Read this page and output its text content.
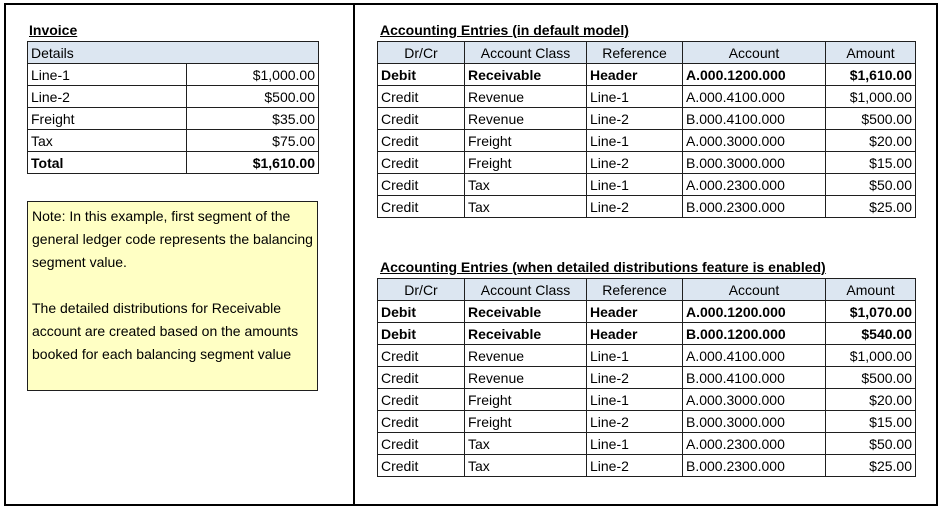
Invoice
Details	
Line-1	$1,000.00
Line-2	$500.00
Freight	$35.00
Tax	$75.00
Total	$1,610.00

Note: In this example, first segment of the general ledger code represents the balancing segment value.

The detailed distributions for Receivable account are created based on the amounts booked for each balancing segment value

Accounting Entries (in default model)
Dr/Cr	Account Class	Reference	Account	Amount
Debit	Receivable	Header	A.000.1200.000	$1,610.00
Credit	Revenue	Line-1	A.000.4100.000	$1,000.00
Credit	Revenue	Line-2	B.000.4100.000	$500.00
Credit	Freight	Line-1	A.000.3000.000	$20.00
Credit	Freight	Line-2	B.000.3000.000	$15.00
Credit	Tax	Line-1	A.000.2300.000	$50.00
Credit	Tax	Line-2	B.000.2300.000	$25.00
Accounting Entries (when detailed distributions feature is enabled)
Dr/Cr	Account Class	Reference	Account	Amount
Debit	Receivable	Header	A.000.1200.000	$1,070.00
Debit	Receivable	Header	B.000.1200.000	$540.00
Credit	Revenue	Line-1	A.000.4100.000	$1,000.00
Credit	Revenue	Line-2	B.000.4100.000	$500.00
Credit	Freight	Line-1	A.000.3000.000	$20.00
Credit	Freight	Line-2	B.000.3000.000	$15.00
Credit	Tax	Line-1	A.000.2300.000	$50.00
Credit	Tax	Line-2	B.000.2300.000	$25.00
